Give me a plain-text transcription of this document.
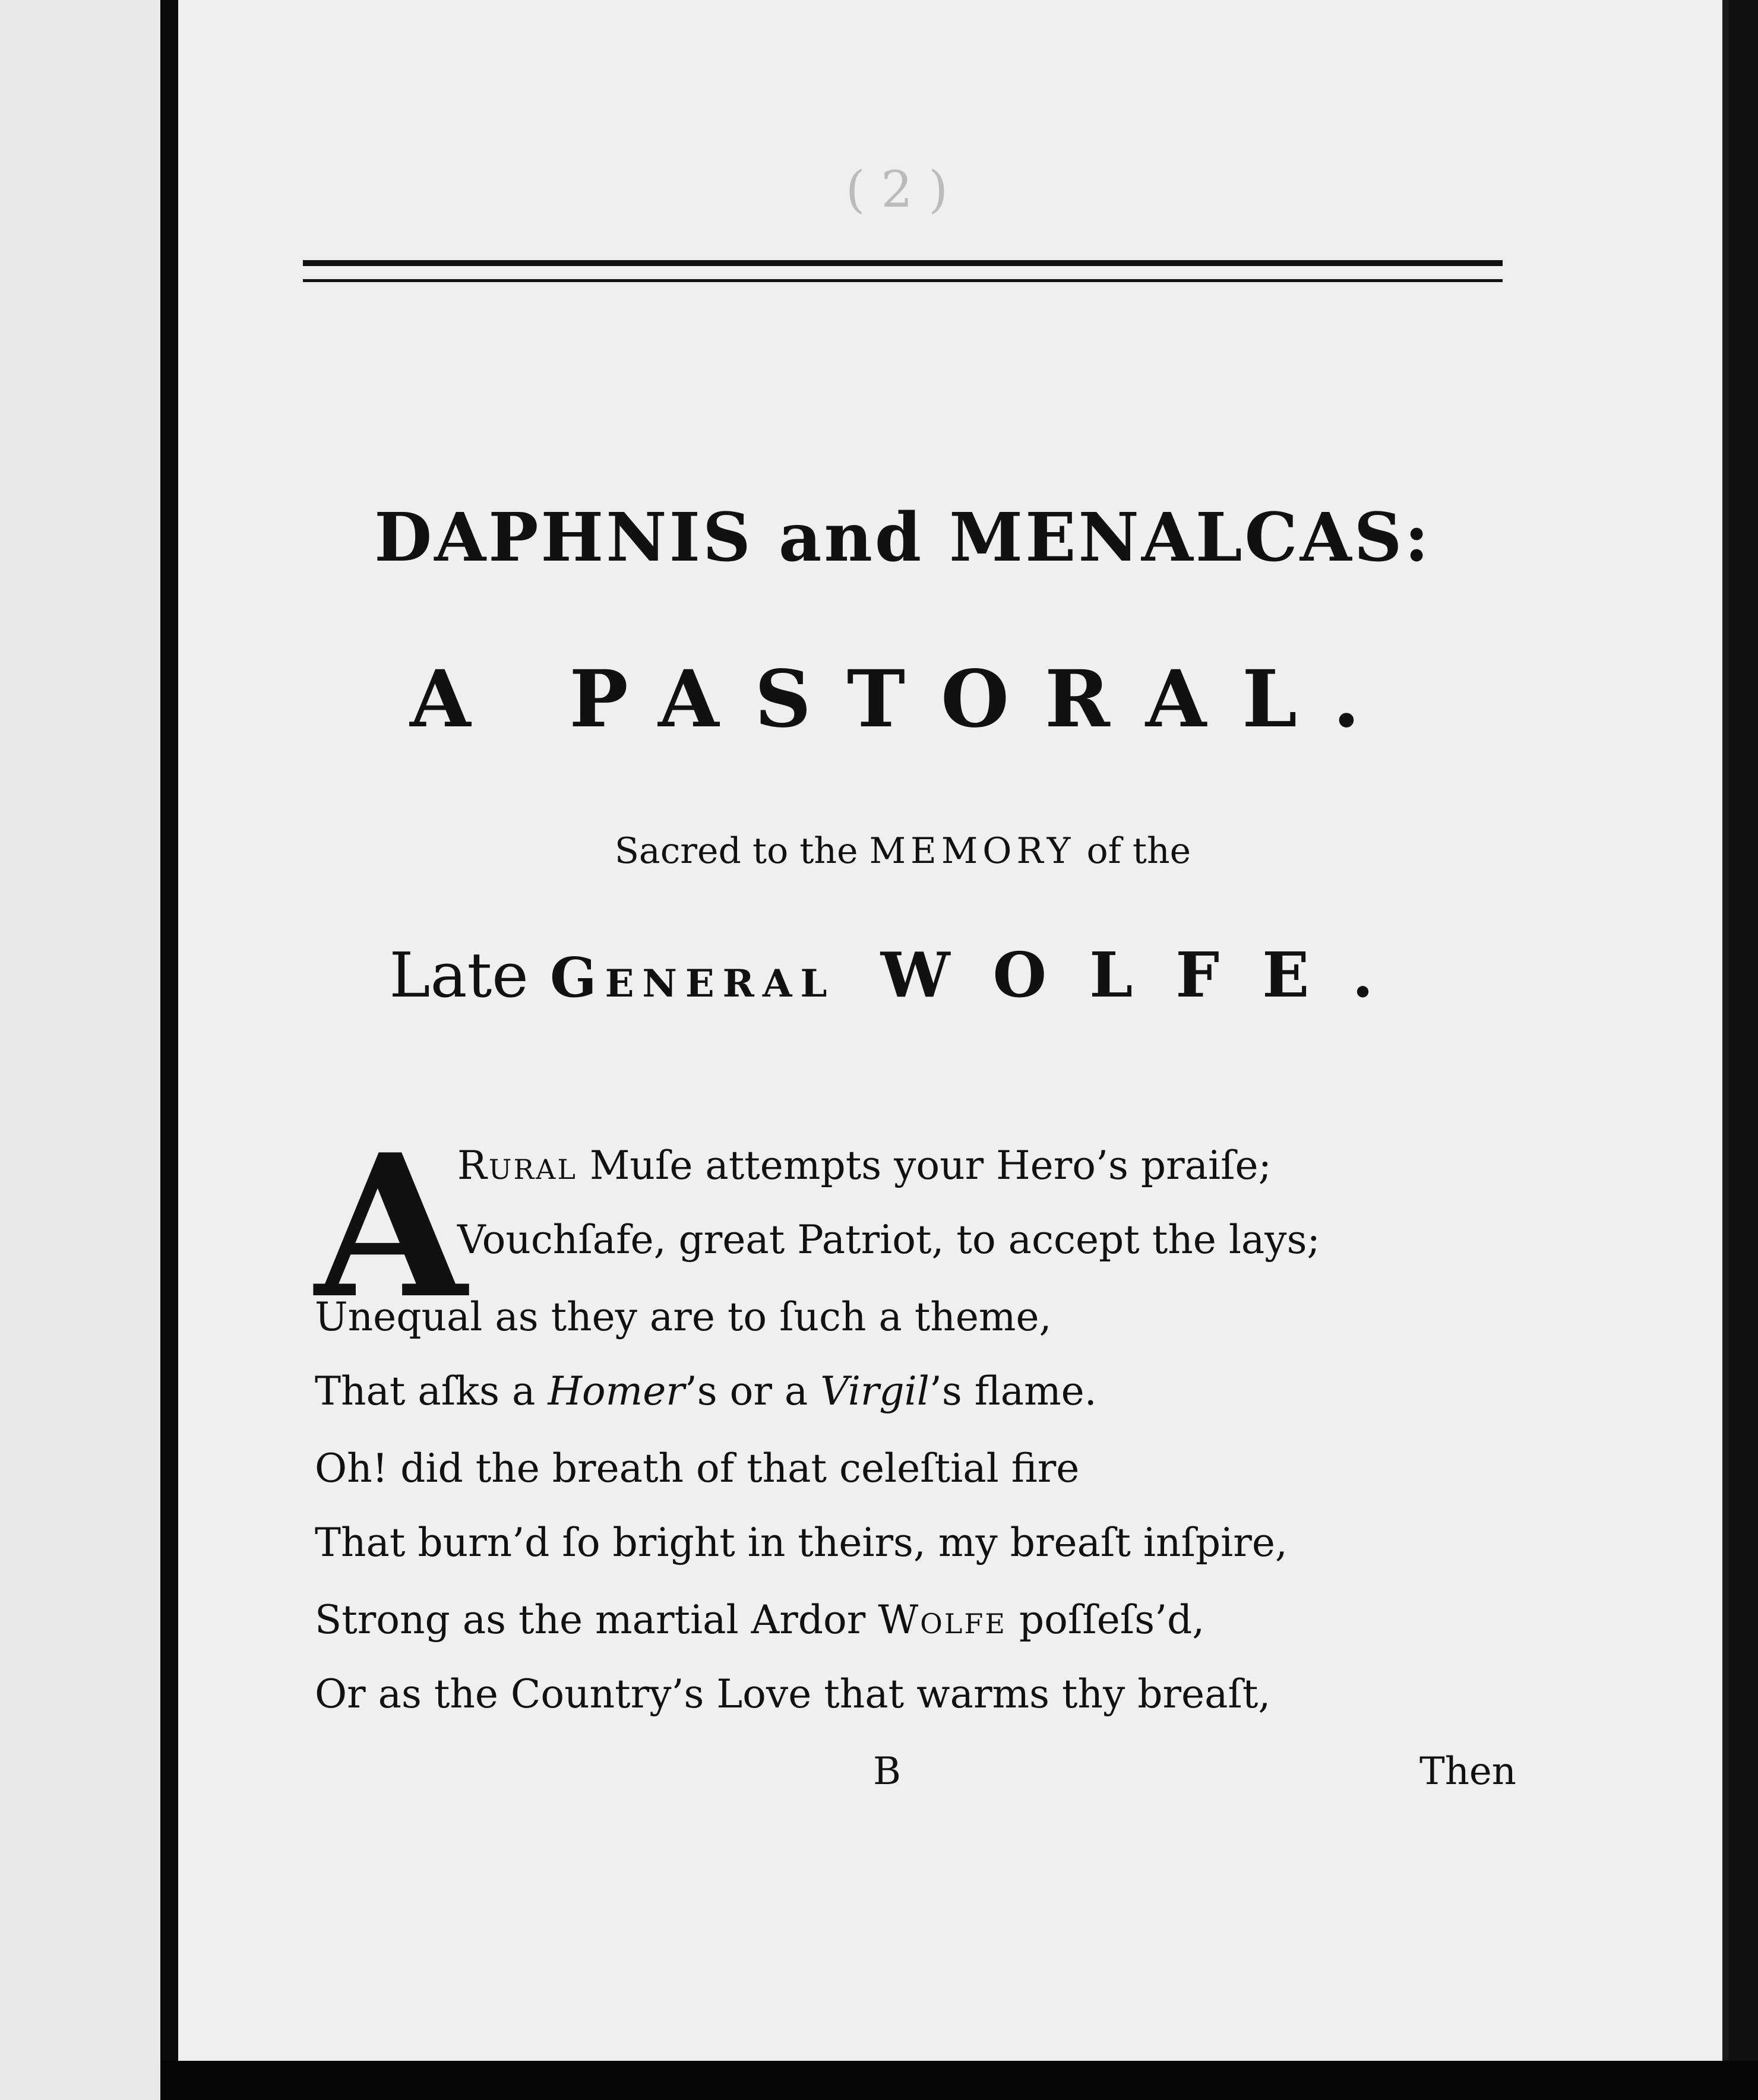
( 2 )
DAPHNIS and MENALCAS:
A PASTORAL.
Sacred to the MEMORY of the
Late General WOLFE.
A
Rural Muſe attempts your Hero’s praiſe;
Vouchſafe, great Patriot, to accept the lays;
Unequal as they are to ſuch a theme,
That aſks a Homer’s or a Virgil’s flame.
Oh! did the breath of that celeſtial fire
That burn’d ſo bright in theirs, my breaſt inſpire,
Strong as the martial Ardor Wolfe poſſeſs’d,
Or as the Country’s Love that warms thy breaſt,
B	Then
